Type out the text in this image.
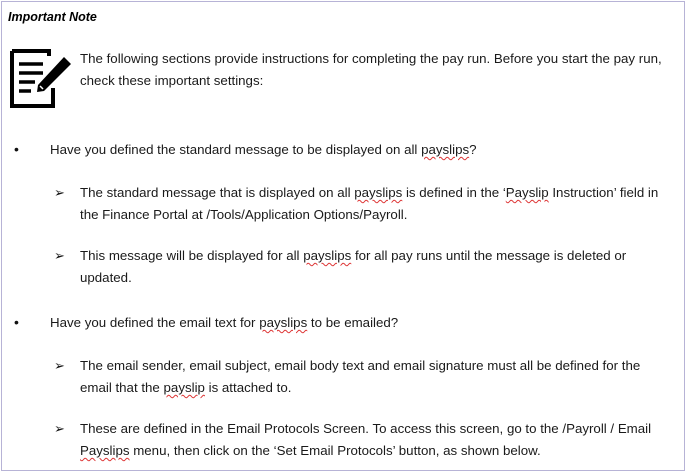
Important Note
The following sections provide instructions for completing the pay run. Before you start the pay run, check these important settings:
• Have you defined the standard message to be displayed on all payslips?
➢ The standard message that is displayed on all payslips is defined in the ‘Payslip Instruction’ field in the Finance Portal at /Tools/Application Options/Payroll.
➢ This message will be displayed for all payslips for all pay runs until the message is deleted or updated.
• Have you defined the email text for payslips to be emailed?
➢ The email sender, email subject, email body text and email signature must all be defined for the email that the payslip is attached to.
➢ These are defined in the Email Protocols Screen. To access this screen, go to the /Payroll / Email Payslips menu, then click on the ‘Set Email Protocols’ button, as shown below.
